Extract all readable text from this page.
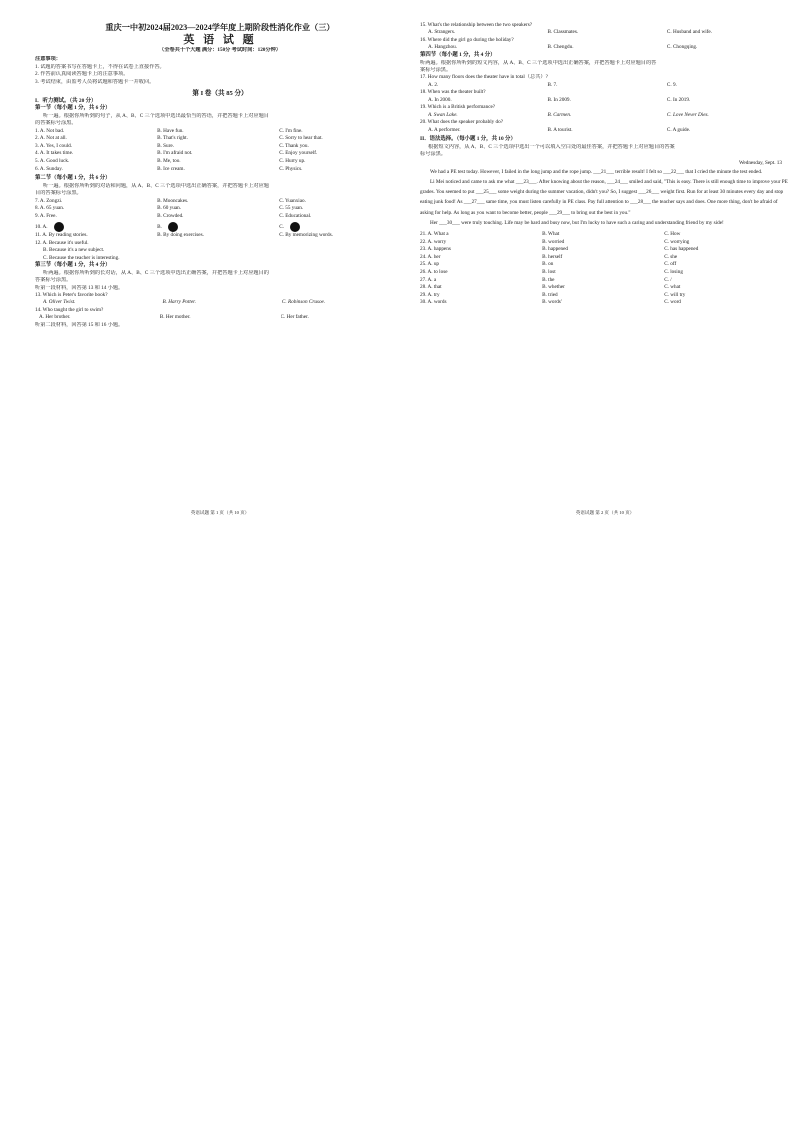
重庆一中初2024届2023—2024学年度上期阶段性消化作业（三）
英 语 试 题
（全卷共十个大题 满分：150分 考试时间：120分钟）
注意事项：
1. 试题的答案书写在答题卡上，不得在试卷上直接作答。
2. 作答前认真阅读答题卡上的注意事项。
3. 考试结束，由监考人员将试题和答题卡一并收回。
第 I 卷（共 85 分）
I．听力测试。（共 20 分）
第一节（每小题 1 分，共 6 分）
听一遍。根据你所听到的句子，从 A、B、C 三个选项中选出最恰当的答语，并把答题卡上对应题目
的答案标号涂黑。
1. A. Not bad.	B. Have fun.	C. I'm fine.
2. A. Not at all.	B. That's right.	C. Sorry to hear that.
3. A. Yes, I could.	B. Sure.	C. Thank you.
4. A. It takes time.	B. I'm afraid not.	C. Enjoy yourself.
5. A. Good luck.	B. Me, too.	C. Hurry up.
6. A. Sunday.	B. Ice cream.	C. Physics.
第二节（每小题 1 分，共 6 分）
听一遍。根据你所听到的对话和问题，从 A、B、C 三个选项中选出正确答案，并把答题卡上对应题
目的答案标号涂黑。
7. A. Zongzi.	B. Mooncakes.	C. Yuanxiao.
8. A. 65 yuan.	B. 60 yuan.	C. 55 yuan.
9. A. Free.	B. Crowded.	C. Educational.
10. A.	B.	C.
11. A. By reading stories.	B. By doing exercises.	C. By memorizing words.
12. A. Because it's useful.
B. Because it's a new subject.
C. Because the teacher is interesting.
第三节（每小题 1 分，共 4 分）
听两遍。根据你所听到的长对话，从 A、B、C 三个选项中选出正确答案，并把答题卡上对应题目的
答案标号涂黑。
听第一段材料，回答第 13 和 14 小题。
13. Which is Peter's favorite book?
A. Oliver Twist.	B. Harry Potter.	C. Robinson Crusoe.
14. Who taught the girl to swim?
A. Her brother.	B. Her mother.	C. Her father.
听第二段材料，回答第 15 和 16 小题。
英语试题 第 1 页（共 10 页）
15. What's the relationship between the two speakers?
A. Strangers.	B. Classmates.	C. Husband and wife.
16. Where did the girl go during the holiday?
A. Hangzhou.	B. Chengdu.	C. Chongqing.
第四节（每小题 1 分，共 4 分）
听两遍。根据你所听到的短文内容，从 A、B、C 三个选项中选出正确答案，并把答题卡上对应题目的答
案标号涂黑。
17. How many floors does the theater have in total（总共）?
A. 2.	B. 7.	C. 9.
18. When was the theater built?
A. In 2000.	B. In 2009.	C. In 2019.
19. Which is a British performance?
A. Swan Lake.	B. Carmen.	C. Love Never Dies.
20. What does the speaker probably do?
A. A performer.	B. A tourist.	C. A guide.
II．语法选择。（每小题 1 分，共 10 分）
根据短文内容，从 A、B、C 三个选项中选出一个可以填入空白处的最佳答案，并把答题卡上对应题目的答案
标号涂黑。
Wednesday, Sept. 13
We had a PE test today. However, I failed in the long jump and the rope jump. ___21___ terrible result! I felt so ___22___ that I cried the minute the test ended.
Li Mei noticed and came to ask me what ___23___. After knowing about the reason, ___24___ smiled and said, "This is easy. There is still enough time to improve your PE grades. You seemed to put ___25___ some weight during the summer vacation, didn't you? So, I suggest ___26___ weight first. Run for at least 30 minutes every day and stop eating junk food! As ___27___ same time, you must listen carefully in PE class. Pay full attention to ___28___ the teacher says and does. One more thing, don't be afraid of asking for help. As long as you want to become better, people ___29___ to bring out the best in you."
Her ___30___ were truly touching. Life may be hard and busy now, but I'm lucky to have such a caring and understanding friend by my side!
21. A. What a	B. What	C. How
22. A. worry	B. worried	C. worrying
23. A. happens	B. happened	C. has happened
24. A. her	B. herself	C. she
25. A. up	B. on	C. off
26. A. to lose	B. lost	C. losing
27. A. a	B. the	C. /
28. A. that	B. whether	C. what
29. A. try	B. tried	C. will try
30. A. words	B. words'	C. word
英语试题 第 2 页（共 10 页）
